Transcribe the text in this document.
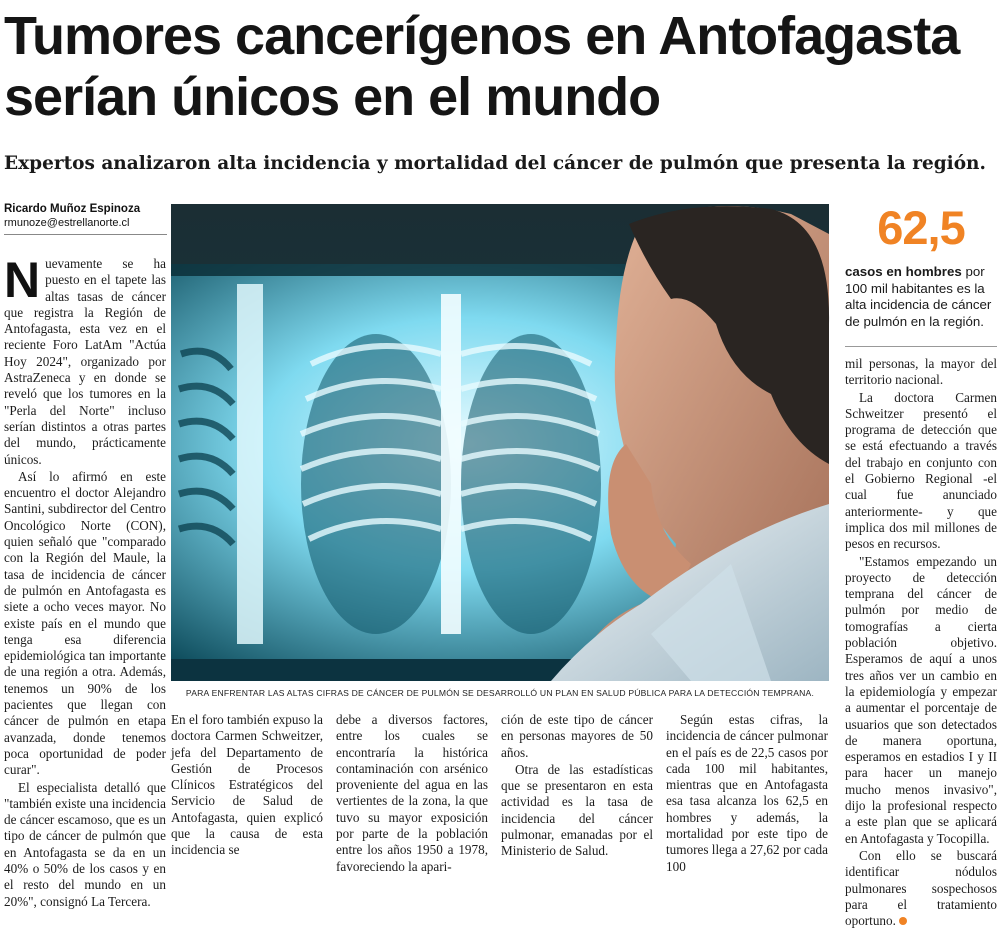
Tumores cancerígenos en Antofagasta
serían únicos en el mundo
Expertos analizaron alta incidencia y mortalidad del cáncer de pulmón que presenta la región.
Ricardo Muñoz Espinoza
rmunoze@estrellanorte.cl
PARA ENFRENTAR LAS ALTAS CIFRAS DE CÁNCER DE PULMÓN SE DESARROLLÓ UN PLAN EN SALUD PÚBLICA PARA LA DETECCIÓN TEMPRANA.
62,5
casos en hombres por 100 mil habitantes es la alta incidencia de cáncer de pulmón en la región.

Nuevamente se ha puesto en el tapete las altas tasas de cáncer que registra la Región de Antofagasta, esta vez en el reciente Foro LatAm "Actúa Hoy 2024", organizado por AstraZeneca y en donde se reveló que los tumores en la "Perla del Norte" incluso serían distintos a otras partes del mundo, prácticamente únicos.

Así lo afirmó en este encuentro el doctor Alejandro Santini, subdirector del Centro Oncológico Norte (CON), quien señaló que "comparado con la Región del Maule, la tasa de incidencia de cáncer de pulmón en Antofagasta es siete a ocho veces mayor. No existe país en el mundo que tenga esa diferencia epidemiológica tan importante de una región a otra. Además, tenemos un 90% de los pacientes que llegan con cáncer de pulmón en etapa avanzada, donde tenemos poca oportunidad de poder curar".

El especialista detalló que "también existe una incidencia de cáncer escamoso, que es un tipo de cáncer de pulmón que en Antofagasta se da en un 40% o 50% de los casos y en el resto del mundo en un 20%", consignó La Tercera.

En el foro también expuso la doctora Carmen Schweitzer, jefa del Departamento de Gestión de Procesos Clínicos Estratégicos del Servicio de Salud de Antofagasta, quien explicó que la causa de esta incidencia se

debe a diversos factores, entre los cuales se encontraría la histórica contaminación con arsénico proveniente del agua en las vertientes de la zona, la que tuvo su mayor exposición por parte de la población entre los años 1950 a 1978, favoreciendo la apari-

ción de este tipo de cáncer en personas mayores de 50 años.

Otra de las estadísticas que se presentaron en esta actividad es la tasa de incidencia del cáncer pulmonar, emanadas por el Ministerio de Salud.

Según estas cifras, la incidencia de cáncer pulmonar en el país es de 22,5 casos por cada 100 mil habitantes, mientras que en Antofagasta esa tasa alcanza los 62,5 en hombres y además, la mortalidad por este tipo de tumores llega a 27,62 por cada 100

mil personas, la mayor del territorio nacional.

La doctora Carmen Schweitzer presentó el programa de detección que se está efectuando a través del trabajo en conjunto con el Gobierno Regional -el cual fue anunciado anteriormente- y que implica dos mil millones de pesos en recursos.

"Estamos empezando un proyecto de detección temprana del cáncer de pulmón por medio de tomografías a cierta población objetivo. Esperamos de aquí a unos tres años ver un cambio en la epidemiología y empezar a aumentar el porcentaje de usuarios que son detectados de manera oportuna, esperamos en estadios I y II para hacer un manejo mucho menos invasivo", dijo la profesional respecto a este plan que se aplicará en Antofagasta y Tocopilla.

Con ello se buscará identificar nódulos pulmonares sospechosos para el tratamiento oportuno.
